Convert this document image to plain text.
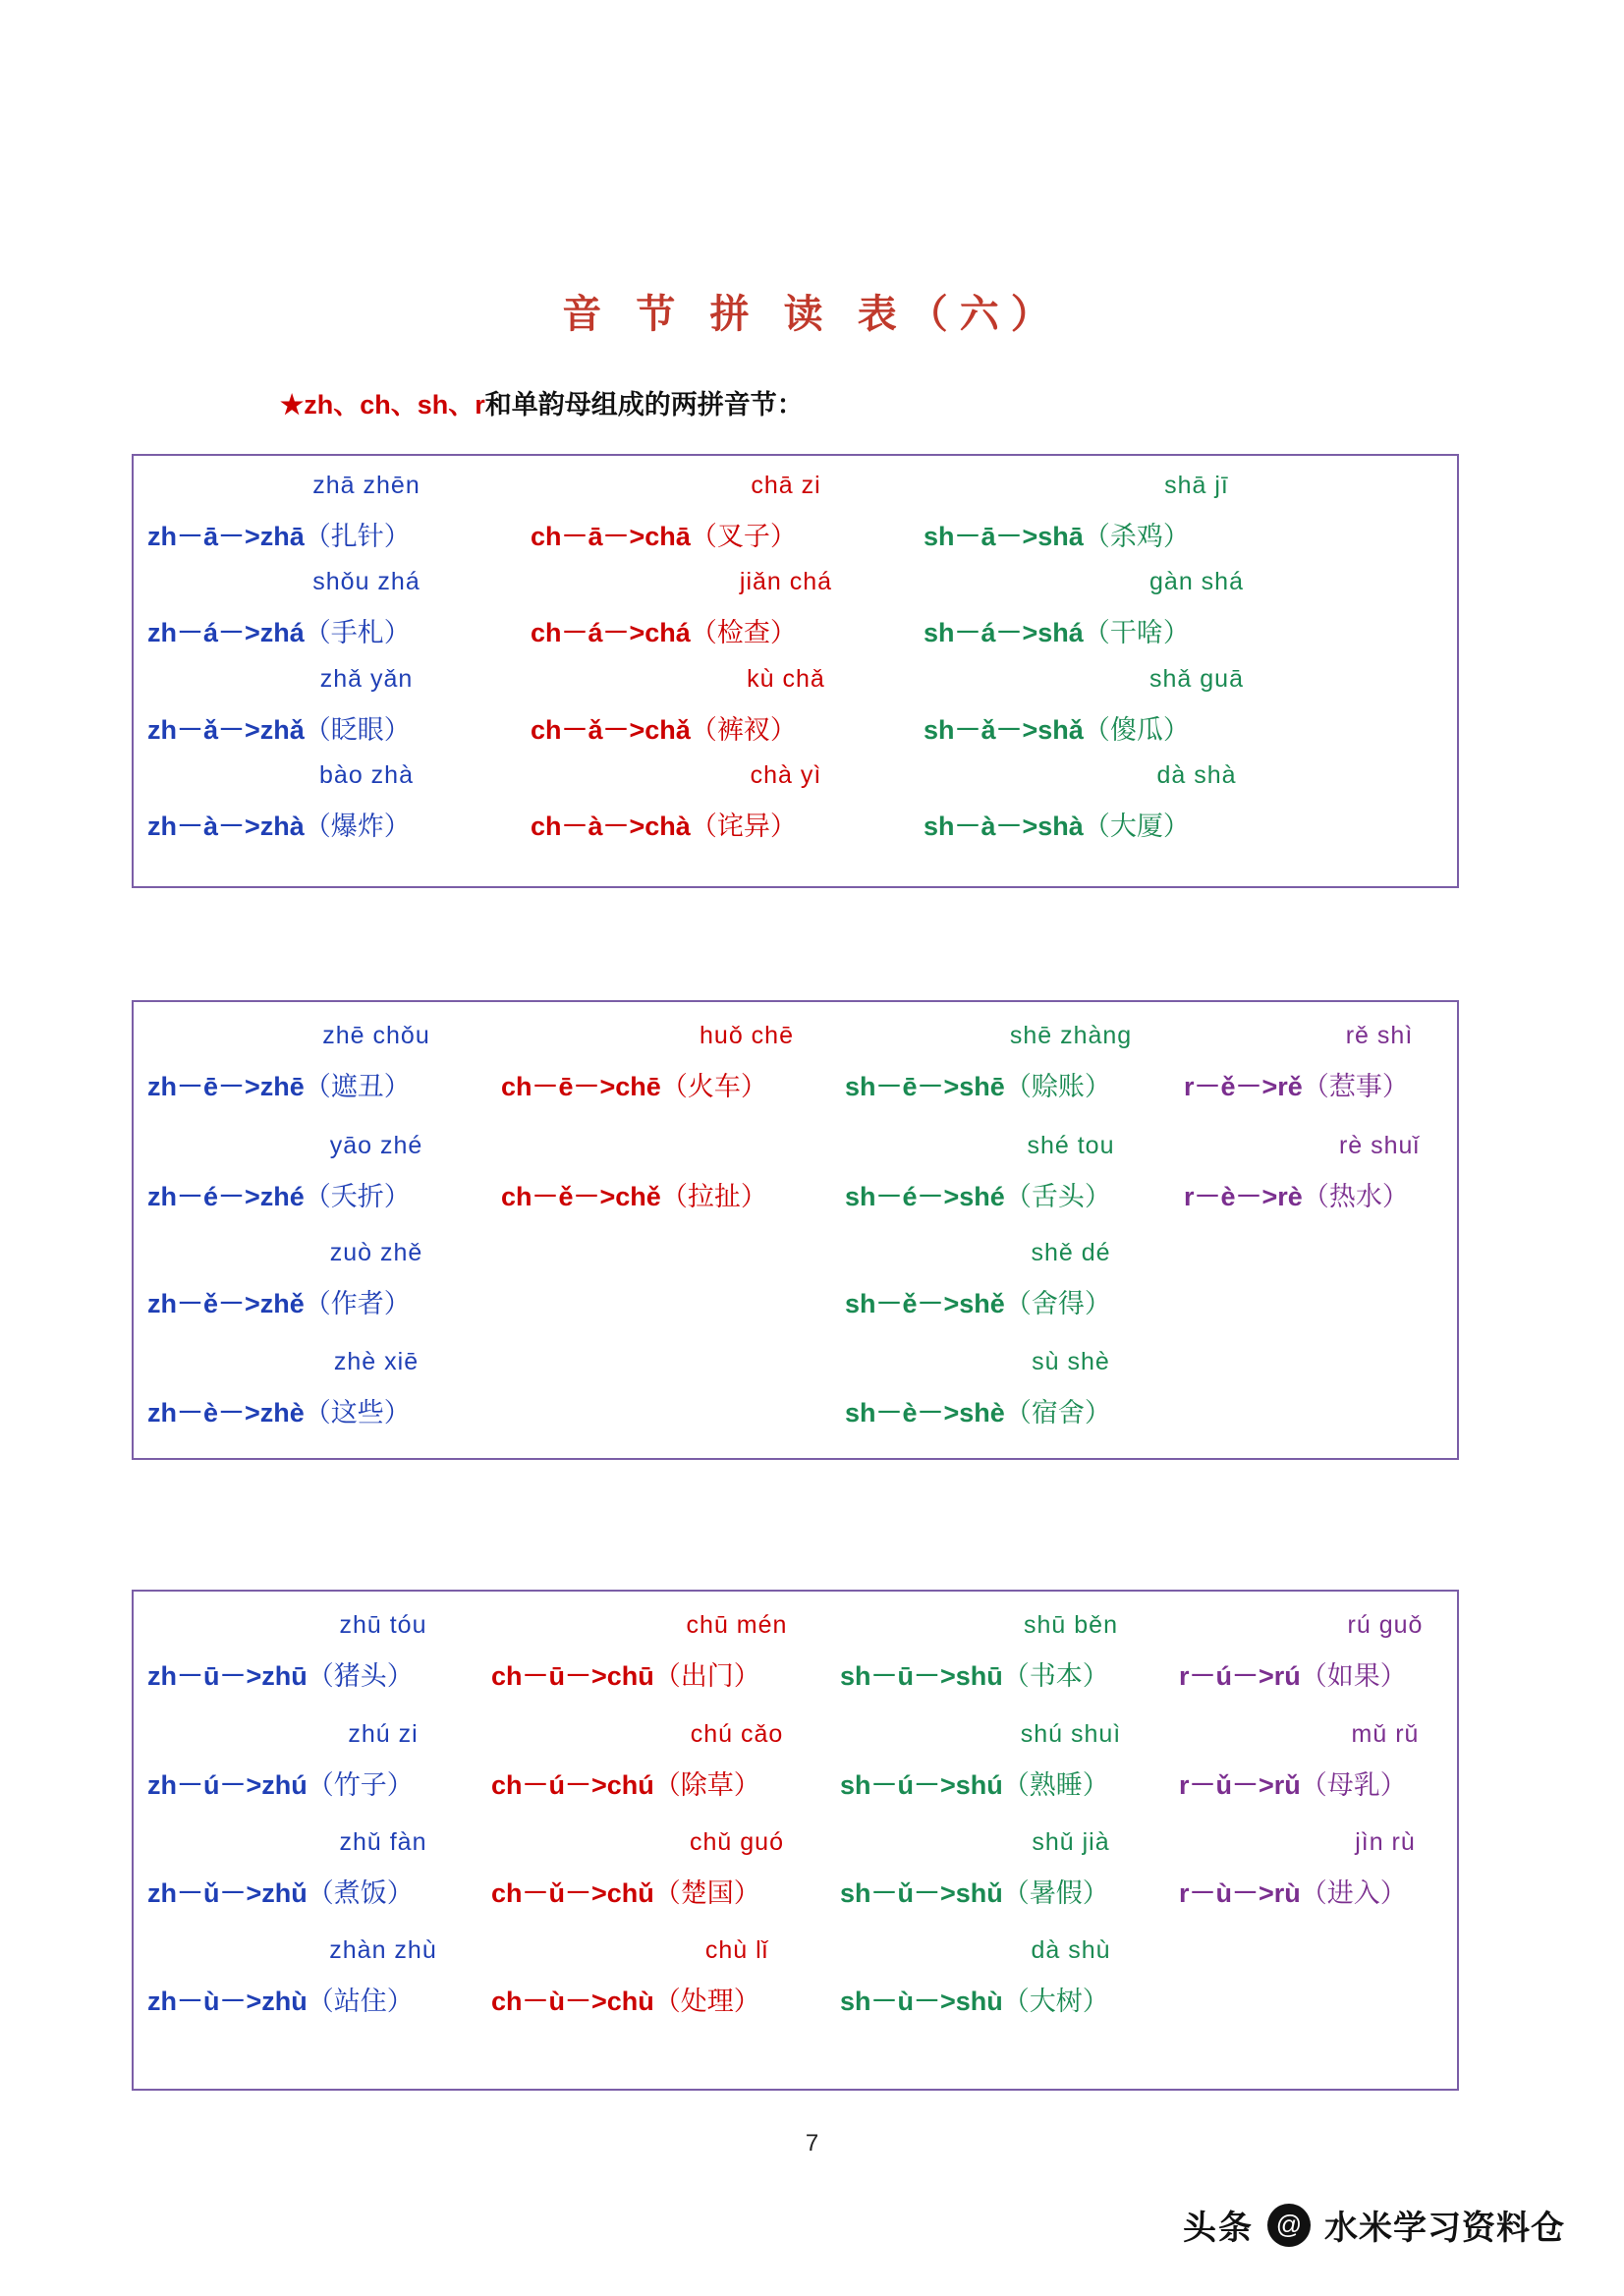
音 节 拼 读 表（六）
★zh、ch、sh、r和单韵母组成的两拼音节：
7
头条 @ 水米学习资料仓
zhā zhēn
zh－ā－>zhā（扎针）
chā zi
ch－ā－>chā（叉子）
shā jī
sh－ā－>shā（杀鸡）
shǒu zhá
zh－á－>zhá（手札）
jiǎn chá
ch－á－>chá（检查）
gàn shá
sh－á－>shá（干啥）
zhǎ yǎn
zh－ǎ－>zhǎ（眨眼）
kù chǎ
ch－ǎ－>chǎ（裤衩）
shǎ guā
sh－ǎ－>shǎ（傻瓜）
bào zhà
zh－à－>zhà（爆炸）
chà yì
ch－à－>chà（诧异）
dà shà
sh－à－>shà（大厦）
zhē chǒu
zh－ē－>zhē（遮丑）
huǒ chē
ch－ē－>chē（火车）
shē zhànɡ
sh－ē－>shē（赊账）
rě shì
r－ě－>rě（惹事）
yāo zhé
zh－é－>zhé（夭折）	ch－ě－>chě（拉扯）
shé tou
sh－é－>shé（舌头）
rè shuǐ
r－è－>rè（热水）
zuò zhě
zh－ě－>zhě（作者）
shě dé
sh－ě－>shě（舍得）
zhè xiē
zh－è－>zhè（这些）
sù shè
sh－è－>shè（宿舍）
zhū tóu
zh－ū－>zhū（猪头）
chū mén
ch－ū－>chū（出门）
shū běn
sh－ū－>shū（书本）
rú guǒ
r－ú－>rú（如果）
zhú zi
zh－ú－>zhú（竹子）
chú cǎo
ch－ú－>chú（除草）
shú shuì
sh－ú－>shú（熟睡）
mǔ rǔ
r－ǔ－>rǔ（母乳）
zhǔ fàn
zh－ǔ－>zhǔ（煮饭）
chǔ ɡuó
ch－ǔ－>chǔ（楚国）
shǔ jià
sh－ǔ－>shǔ（暑假）
jìn rù
r－ù－>rù（进入）
zhàn zhù
zh－ù－>zhù（站住）
chù lǐ
ch－ù－>chù（处理）
dà shù
sh－ù－>shù（大树）
